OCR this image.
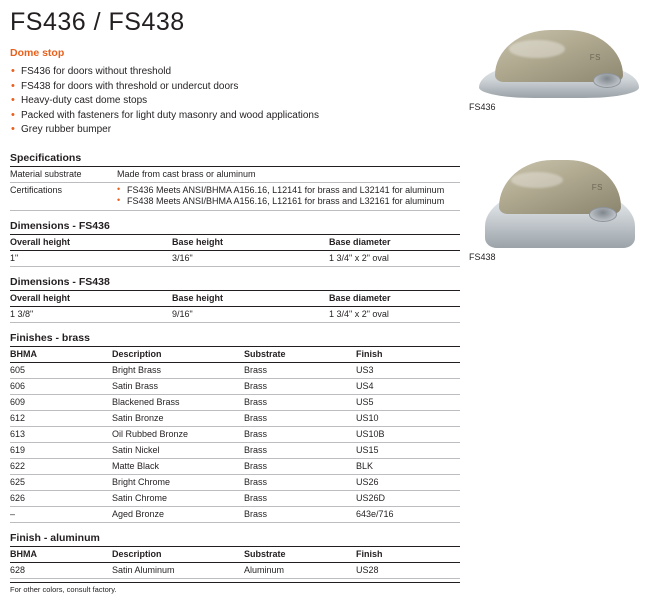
FS436 / FS438
Dome stop
• FS436 for doors without threshold
• FS438 for doors with threshold or undercut doors
• Heavy-duty cast dome stops
• Packed with fasteners for light duty masonry and wood applications
• Grey rubber bumper
Specifications
Material substrate	Made from cast brass or aluminum
Certifications	
•FS436 Meets ANSI/BHMA A156.16, L12141 for brass and L32141 for aluminum
• FS438 Meets ANSI/BHMA A156.16, L12161 for brass and L32161 for aluminum
Dimensions - FS436
Overall height	Base height	Base diameter
1"	3/16"	1 3/4" x 2" oval
Dimensions - FS438
Overall height	Base height	Base diameter
1 3/8"	9/16"	1 3/4" x 2" oval
Finishes - brass
BHMA	Description	Substrate	Finish
605	Bright Brass	Brass	US3
606	Satin Brass	Brass	US4
609	Blackened Brass	Brass	US5
612	Satin Bronze	Brass	US10
613	Oil Rubbed Bronze	Brass	US10B
619	Satin Nickel	Brass	US15
622	Matte Black	Brass	BLK
625	Bright Chrome	Brass	US26
626	Satin Chrome	Brass	US26D
–	Aged Bronze	Brass	643e/716
Finish - aluminum
BHMA	Description	Substrate	Finish
628	Satin Aluminum	Aluminum	US28
For other colors, consult factory.
FS
FS436
FS
FS438
